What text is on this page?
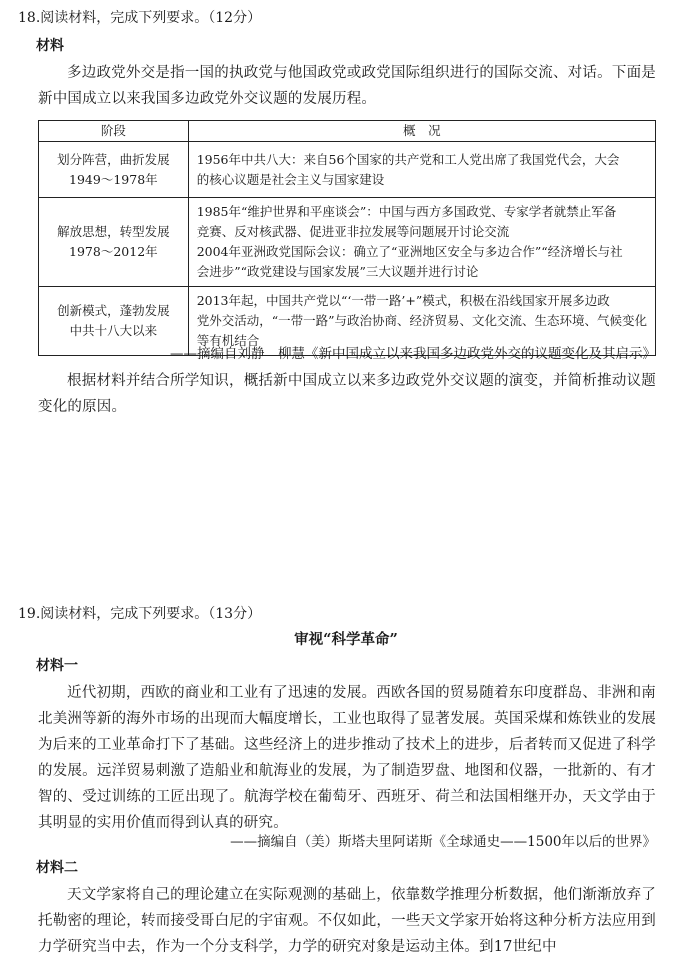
18.阅读材料，完成下列要求。（12分）
材料

多边政党外交是指一国的执政党与他国政党或政党国际组织进行的国际交流、对话。下面是新中国成立以来我国多边政党外交议题的发展历程。

阶段	概　况

划分阵营，曲折发展
1949～1978年	1956年中共八大：来自56个国家的共产党和工人党出席了我国党代会，大会
的核心议题是社会主义与国家建设

解放思想，转型发展
1978～2012年	1985年“维护世界和平座谈会”：中国与西方多国政党、专家学者就禁止军备
竞赛、反对核武器、促进亚非拉发展等问题展开讨论交流
2004年亚洲政党国际会议：确立了“亚洲地区安全与多边合作”“经济增长与社
会进步”“政党建设与国家发展”三大议题并进行讨论

创新模式，蓬勃发展
中共十八大以来	2013年起，中国共产党以“‘一带一路’+”模式，积极在沿线国家开展多边政
党外交活动，“一带一路”与政治协商、经济贸易、文化交流、生态环境、气候变化
等有机结合
——摘编自刘静　柳慧《新中国成立以来我国多边政党外交的议题变化及其启示》

根据材料并结合所学知识，概括新中国成立以来多边政党外交议题的演变，并简析推动议题变化的原因。

19.阅读材料，完成下列要求。（13分）
审视“科学革命”
材料一

近代初期，西欧的商业和工业有了迅速的发展。西欧各国的贸易随着东印度群岛、非洲和南北美洲等新的海外市场的出现而大幅度增长，工业也取得了显著发展。英国采煤和炼铁业的发展为后来的工业革命打下了基础。这些经济上的进步推动了技术上的进步，后者转而又促进了科学的发展。远洋贸易刺激了造船业和航海业的发展，为了制造罗盘、地图和仪器，一批新的、有才智的、受过训练的工匠出现了。航海学校在葡萄牙、西班牙、荷兰和法国相继开办，天文学由于其明显的实用价值而得到认真的研究。

——摘编自（美）斯塔夫里阿诺斯《全球通史——1500年以后的世界》
材料二

天文学家将自己的理论建立在实际观测的基础上，依靠数学推理分析数据，他们渐渐放弃了托勒密的理论，转而接受哥白尼的宇宙观。不仅如此，一些天文学家开始将这种分析方法应用到力学研究当中去，作为一个分支科学，力学的研究对象是运动主体。到17世纪中
